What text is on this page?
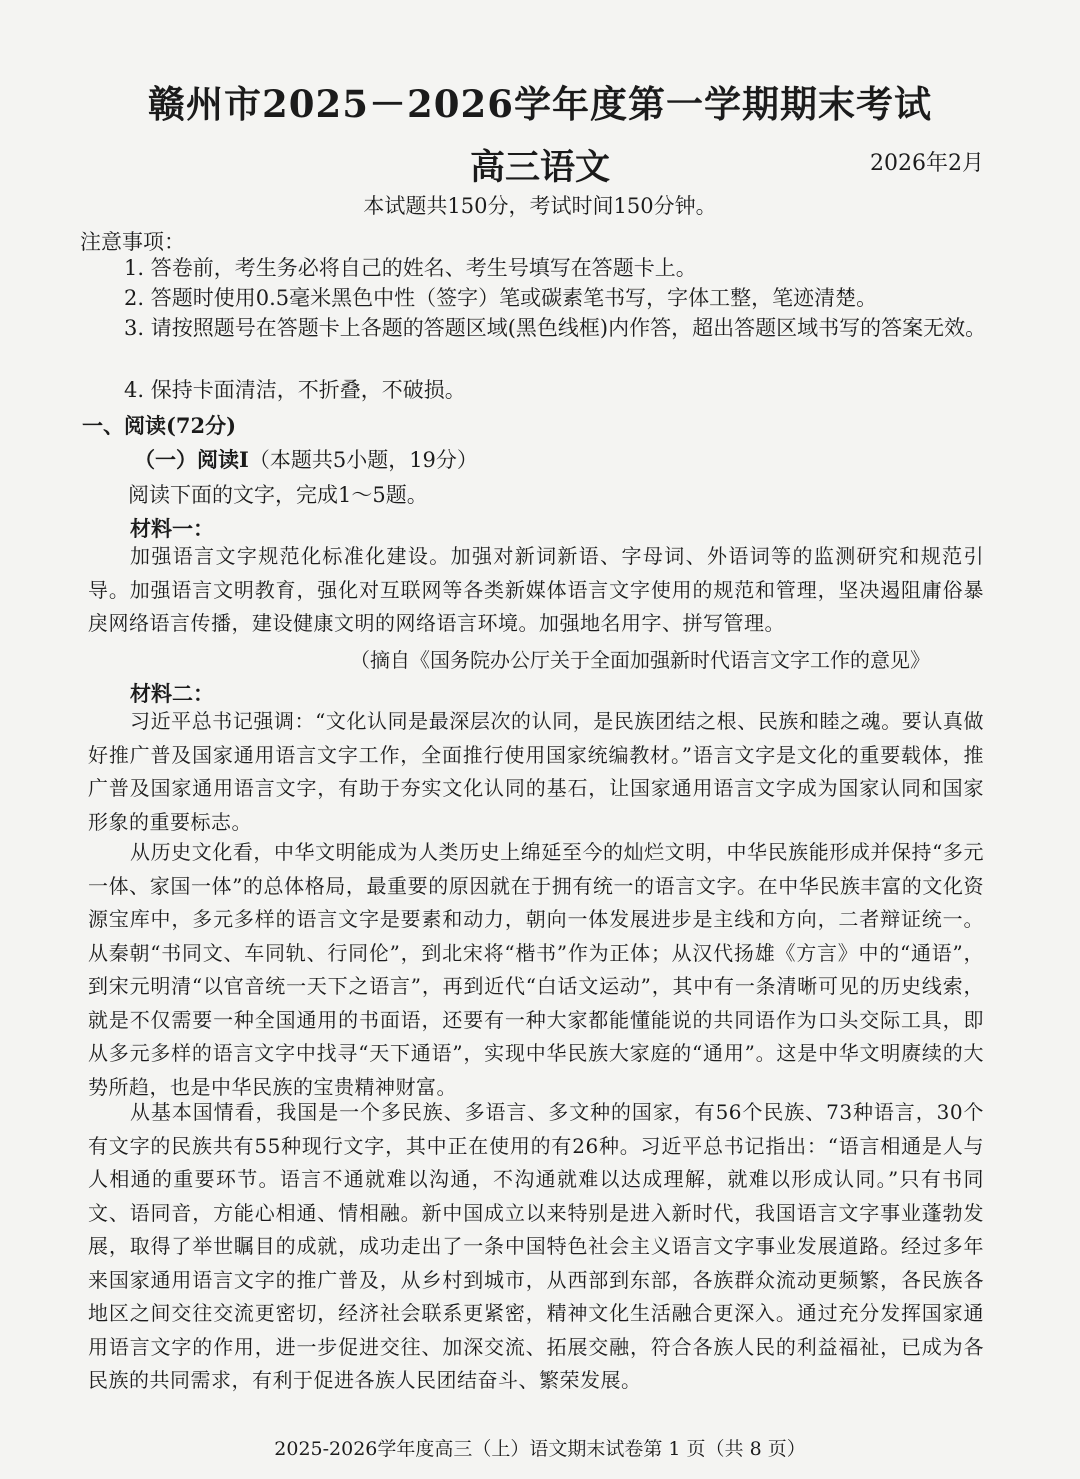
赣州市2025－2026学年度第一学期期末考试
高三语文	2026年2月
本试题共150分，考试时间150分钟。
注意事项：
1. 答卷前，考生务必将自己的姓名、考生号填写在答题卡上。
2. 答题时使用0.5毫米黑色中性（签字）笔或碳素笔书写，字体工整，笔迹清楚。
3. 请按照题号在答题卡上各题的答题区域(黑色线框)内作答，超出答题区域书写的答案无效。
4. 保持卡面清洁，不折叠，不破损。
一、阅读(72分)
（一）阅读Ⅰ（本题共5小题，19分）
阅读下面的文字，完成1～5题。
材料一：
加强语言文字规范化标准化建设。加强对新词新语、字母词、外语词等的监测研究和规范引导。加强语言文明教育，强化对互联网等各类新媒体语言文字使用的规范和管理，坚决遏阻庸俗暴戾网络语言传播，建设健康文明的网络语言环境。加强地名用字、拼写管理。
（摘自《国务院办公厅关于全面加强新时代语言文字工作的意见》
材料二：
习近平总书记强调：“文化认同是最深层次的认同，是民族团结之根、民族和睦之魂。要认真做好推广普及国家通用语言文字工作，全面推行使用国家统编教材。”语言文字是文化的重要载体，推广普及国家通用语言文字，有助于夯实文化认同的基石，让国家通用语言文字成为国家认同和国家形象的重要标志。
从历史文化看，中华文明能成为人类历史上绵延至今的灿烂文明，中华民族能形成并保持“多元一体、家国一体”的总体格局，最重要的原因就在于拥有统一的语言文字。在中华民族丰富的文化资源宝库中，多元多样的语言文字是要素和动力，朝向一体发展进步是主线和方向，二者辩证统一。从秦朝“书同文、车同轨、行同伦”，到北宋将“楷书”作为正体；从汉代扬雄《方言》中的“通语”，到宋元明清“以官音统一天下之语言”，再到近代“白话文运动”，其中有一条清晰可见的历史线索，就是不仅需要一种全国通用的书面语，还要有一种大家都能懂能说的共同语作为口头交际工具，即从多元多样的语言文字中找寻“天下通语”，实现中华民族大家庭的“通用”。这是中华文明赓续的大势所趋，也是中华民族的宝贵精神财富。
从基本国情看，我国是一个多民族、多语言、多文种的国家，有56个民族、73种语言，30个有文字的民族共有55种现行文字，其中正在使用的有26种。习近平总书记指出：“语言相通是人与人相通的重要环节。语言不通就难以沟通，不沟通就难以达成理解，就难以形成认同。”只有书同文、语同音，方能心相通、情相融。新中国成立以来特别是进入新时代，我国语言文字事业蓬勃发展，取得了举世瞩目的成就，成功走出了一条中国特色社会主义语言文字事业发展道路。经过多年来国家通用语言文字的推广普及，从乡村到城市，从西部到东部，各族群众流动更频繁，各民族各地区之间交往交流更密切，经济社会联系更紧密，精神文化生活融合更深入。通过充分发挥国家通用语言文字的作用，进一步促进交往、加深交流、拓展交融，符合各族人民的利益福祉，已成为各民族的共同需求，有利于促进各族人民团结奋斗、繁荣发展。
2025-2026学年度高三（上）语文期末试卷第 1 页（共 8 页）
